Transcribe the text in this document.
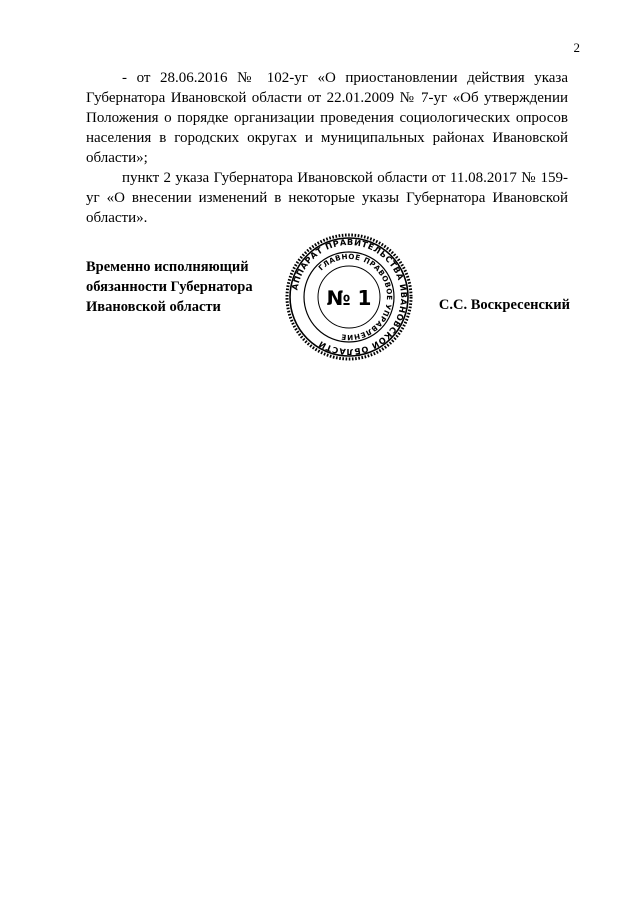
2

- от 28.06.2016 № 102-уг «О приостановлении действия указа Губернатора Ивановской области от 22.01.2009 № 7-уг «Об утверждении Положения о порядке организации проведения социологических опросов населения в городских округах и муниципальных районах Ивановской области»;

пункт 2 указа Губернатора Ивановской области от 11.08.2017 № 159-уг «О внесении изменений в некоторые указы Губернатора Ивановской области».

Временно исполняющий
обязанности Губернатора
Ивановской области
АППАРАТ ПРАВИТЕЛЬСТВА ИВАНОВСКОЙ ОБЛАСТИ
ГЛАВНОЕ ПРАВОВОЕ УПРАВЛЕНИЕ
№ 1	С.С. Воскресенский
